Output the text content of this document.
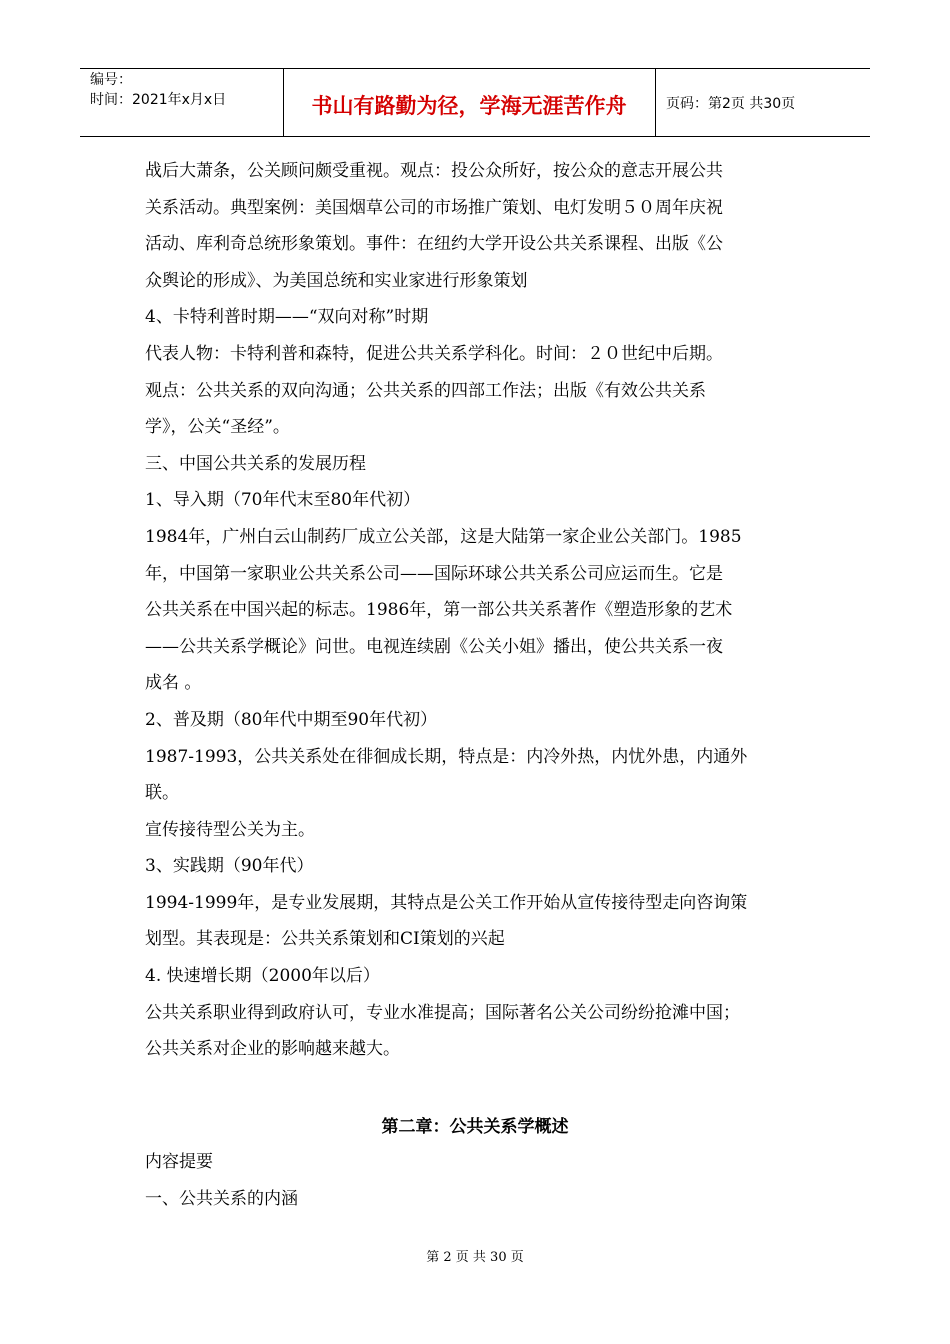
编号：
时间：2021年x月x日	书山有路勤为径，学海无涯苦作舟	页码：第2页 共30页
战后大萧条，公关顾问颇受重视。观点：投公众所好，按公众的意志开展公共
关系活动。典型案例：美国烟草公司的市场推广策划、电灯发明５０周年庆祝
活动、库利奇总统形象策划。事件：在纽约大学开设公共关系课程、出版《公
众舆论的形成》、为美国总统和实业家进行形象策划
4、卡特利普时期——“双向对称”时期
代表人物：卡特利普和森特，促进公共关系学科化。时间：２０世纪中后期。
观点：公共关系的双向沟通；公共关系的四部工作法；出版《有效公共关系
学》，公关“圣经”。
三、中国公共关系的发展历程
1、导入期（70年代末至80年代初）
1984年，广州白云山制药厂成立公关部，这是大陆第一家企业公关部门。1985
年，中国第一家职业公共关系公司——国际环球公共关系公司应运而生。它是
公共关系在中国兴起的标志。1986年，第一部公共关系著作《塑造形象的艺术
——公共关系学概论》问世。电视连续剧《公关小姐》播出，使公共关系一夜
成名 。
2、普及期（80年代中期至90年代初）
1987-1993，公共关系处在徘徊成长期，特点是：内冷外热，内忧外患，内通外
联。
宣传接待型公关为主。
3、实践期（90年代）
1994-1999年，是专业发展期，其特点是公关工作开始从宣传接待型走向咨询策
划型。其表现是：公共关系策划和CI策划的兴起
4. 快速增长期（2000年以后）
公共关系职业得到政府认可，专业水准提高；国际著名公关公司纷纷抢滩中国；
公共关系对企业的影响越来越大。
第二章：公共关系学概述
内容提要
一、公共关系的内涵
第 2 页 共 30 页
